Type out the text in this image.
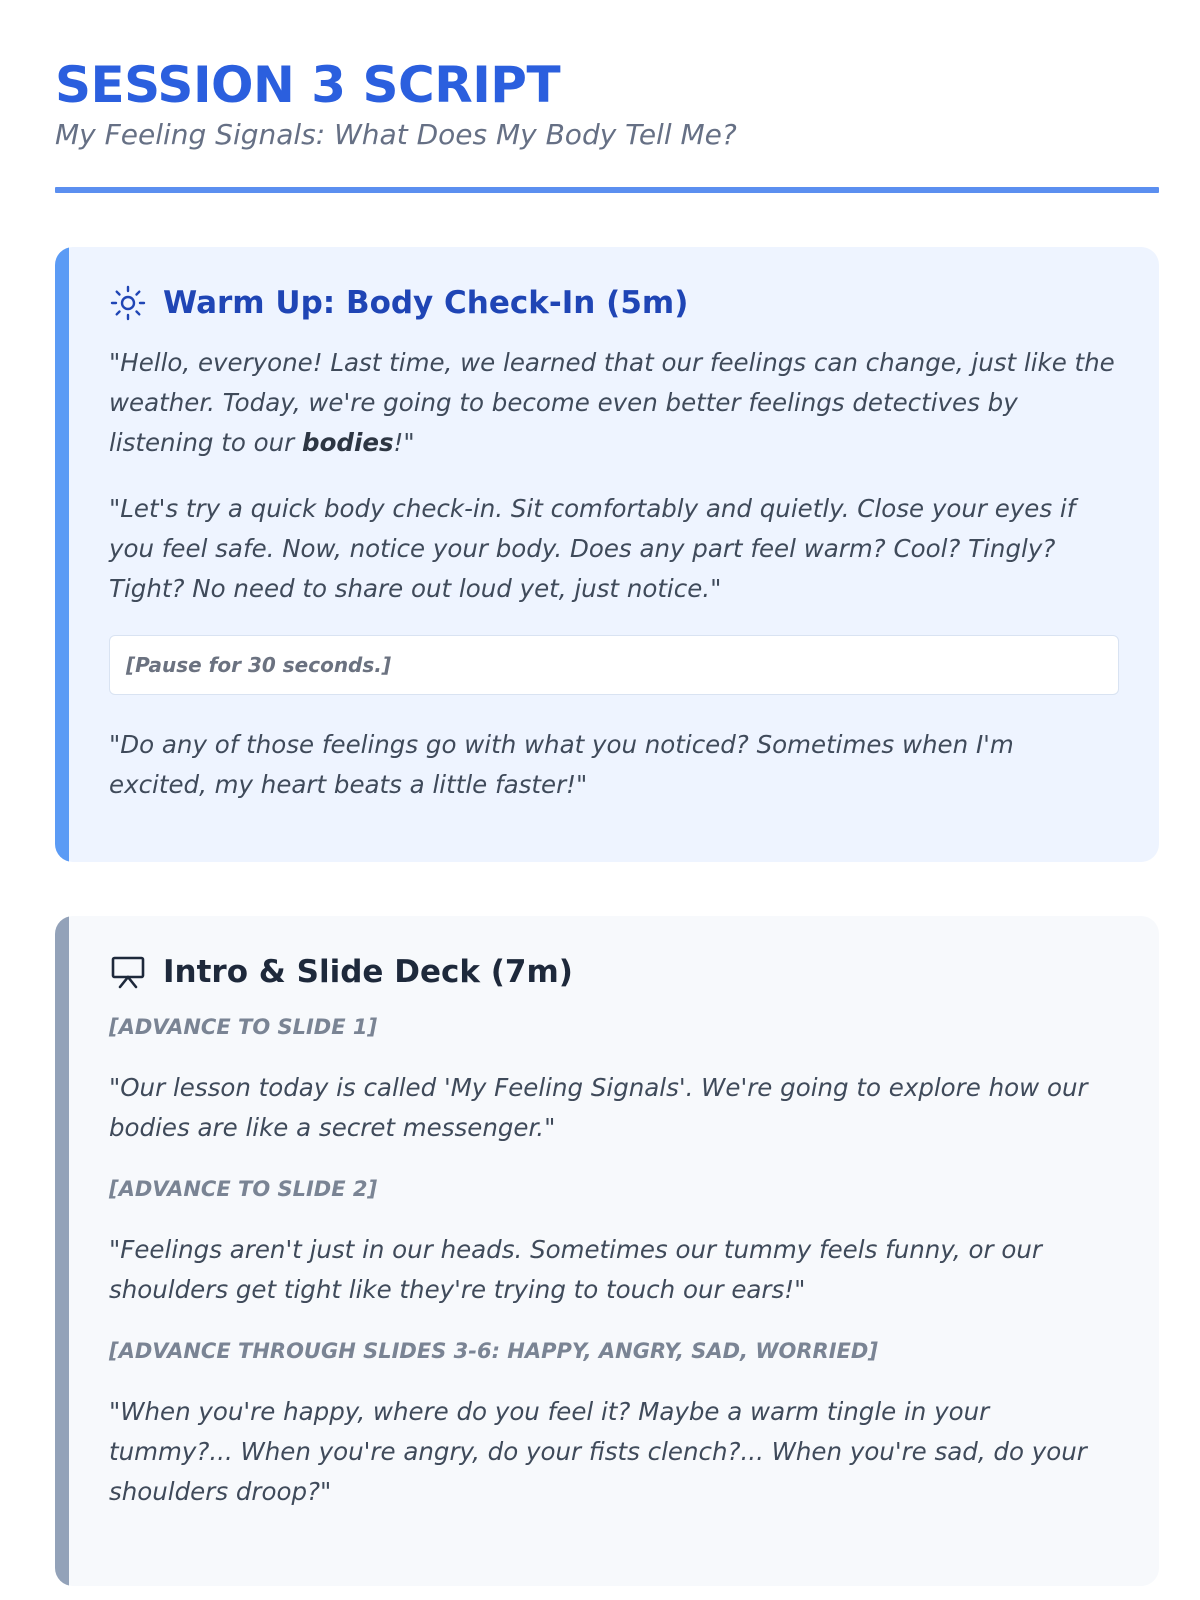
SESSION 3 SCRIPT
My Feeling Signals: What Does My Body Tell Me?
Warm Up: Body Check-In (5m)

"Hello, everyone! Last time, we learned that our feelings can change, just like the weather. Today, we're going to become even better feelings detectives by listening to our bodies!"

"Let's try a quick body check-in. Sit comfortably and quietly. Close your eyes if you feel safe. Now, notice your body. Does any part feel warm? Cool? Tingly? Tight? No need to share out loud yet, just notice."

[Pause for 30 seconds.]

"Do any of those feelings go with what you noticed? Sometimes when I'm excited, my heart beats a little faster!"

Intro & Slide Deck (7m)
[ADVANCE TO SLIDE 1]

"Our lesson today is called 'My Feeling Signals'. We're going to explore how our bodies are like a secret messenger."

[ADVANCE TO SLIDE 2]

"Feelings aren't just in our heads. Sometimes our tummy feels funny, or our shoulders get tight like they're trying to touch our ears!"

[ADVANCE THROUGH SLIDES 3-6: HAPPY, ANGRY, SAD, WORRIED]

"When you're happy, where do you feel it? Maybe a warm tingle in your tummy?... When you're angry, do your fists clench?... When you're sad, do your shoulders droop?"
